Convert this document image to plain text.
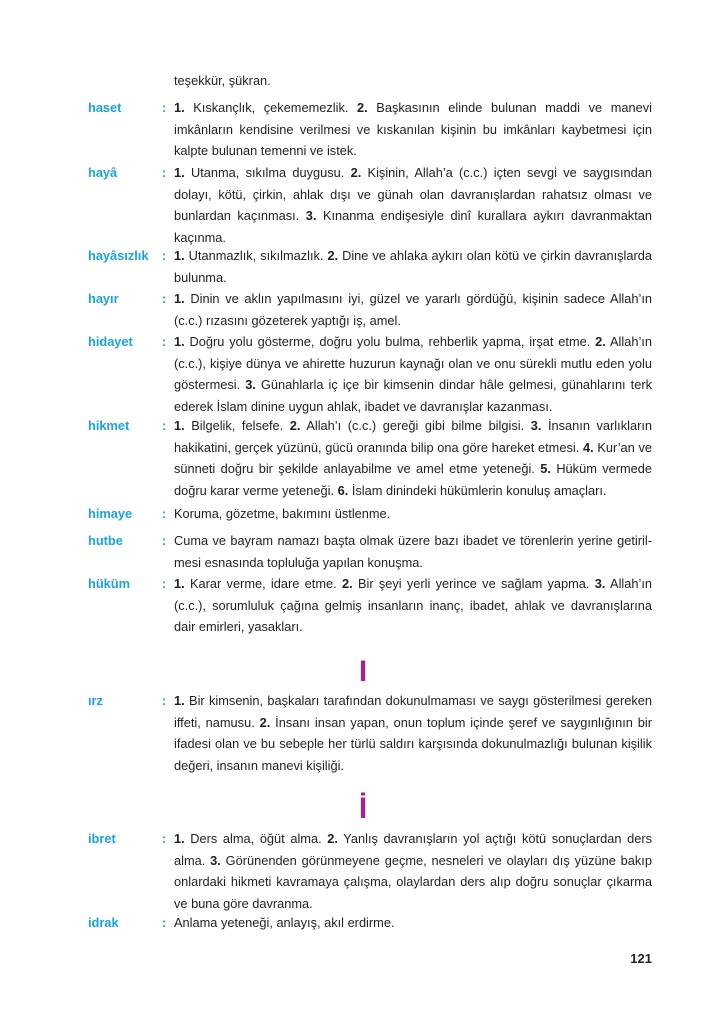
teşekkür, şükran.

haset	: 1. Kıskançlık, çekememezlik. 2. Başkasının elinde bulunan maddi ve manevi imkânların kendisine verilmesi ve kıskanılan kişinin bu imkânları kaybetmesi için kalpte bulunan temenni ve istek.

hayâ	: 1. Utanma, sıkılma duygusu. 2. Kişinin, Allah’a (c.c.) içten sevgi ve saygısından dolayı, kötü, çirkin, ahlak dışı ve günah olan davranışlardan rahatsız olması ve bunlardan kaçınması. 3. Kınanma endişesiyle dinî kurallara aykırı davranmaktan kaçınma.

hayâsızlık : 1. Utanmazlık, sıkılmazlık. 2. Dine ve ahlaka aykırı olan kötü ve çirkin davranışlarda bulunma.

hayır	: 1. Dinin ve aklın yapılmasını iyi, güzel ve yararlı gördüğü, kişinin sadece Allah’ın (c.c.) rızasını gözeterek yaptığı iş, amel.

hidayet : 1. Doğru yolu gösterme, doğru yolu bulma, rehberlik yapma, irşat etme. 2. Allah’ın (c.c.), kişiye dünya ve ahirette huzurun kaynağı olan ve onu sürekli mutlu eden yolu göstermesi. 3. Günahlarla iç içe bir kimsenin dindar hâle gelmesi, günahlarını terk ederek İslam dinine uygun ahlak, ibadet ve davranışlar kazanması.

hikmet	: 1. Bilgelik, felsefe. 2. Allah’ı (c.c.) gereği gibi bilme bilgisi. 3. İnsanın varlıkların hakikatini, gerçek yüzünü, gücü oranında bilip ona göre hareket etmesi. 4. Kur’an ve sünneti doğru bir şekilde anlayabilme ve amel etme yeteneği. 5. Hüküm vermede doğru karar verme yeteneği. 6. İslam dinindeki hükümlerin konuluş amaçları.

himaye : Koruma, gözetme, bakımını üstlenme.

hutbe	: Cuma ve bayram namazı başta olmak üzere bazı ibadet ve törenlerin yerine getirilmesi esnasında topluluğa yapılan konuşma.

hüküm	: 1. Karar verme, idare etme. 2. Bir şeyi yerli yerince ve sağlam yapma. 3. Allah’ın (c.c.), sorumluluk çağına gelmiş insanların inanç, ibadet, ahlak ve davranışlarına dair emirleri, yasakları.

I
ırz	: 1. Bir kimsenin, başkaları tarafından dokunulmaması ve saygı gösterilmesi gereken iffeti, namusu. 2. İnsanı insan yapan, onun toplum içinde şeref ve saygınlığının bir ifadesi olan ve bu sebeple her türlü saldırı karşısında dokunulmazlığı bulunan kişilik değeri, insanın manevi kişiliği.

İ
ibret	: 1. Ders alma, öğüt alma. 2. Yanlış davranışların yol açtığı kötü sonuçlardan ders alma. 3. Görünenden görünmeyene geçme, nesneleri ve olayları dış yüzüne bakıp onlardaki hikmeti kavramaya çalışma, olaylardan ders alıp doğru sonuçlar çıkarma ve buna göre davranma.

idrak	: Anlama yeteneği, anlayış, akıl erdirme.

121
